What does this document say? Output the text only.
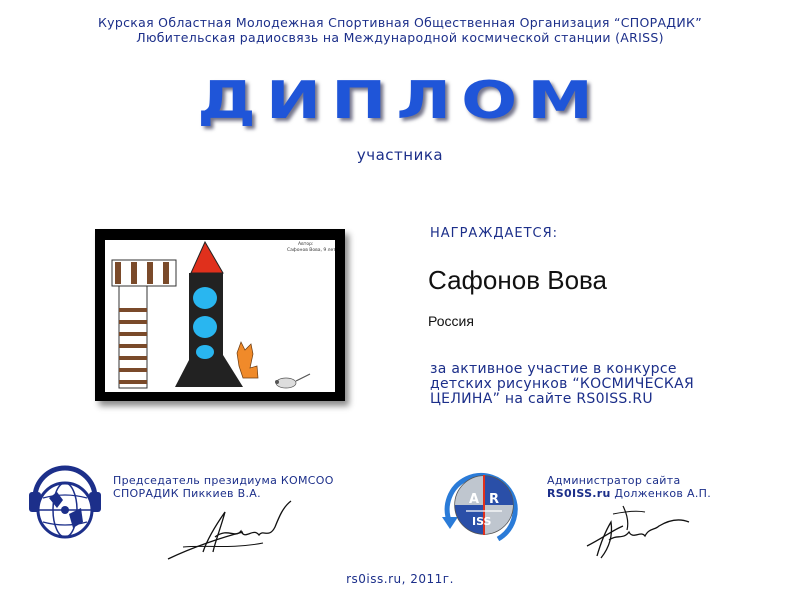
Курская Областная Молодежная Спортивная Общественная Организация “СПОРАДИК”
Любительская радиосвязь на Международной космической станции (ARISS)
ДИПЛОМ
участника
Автор:
Сафонов Вова, 9 лет
НАГРАЖДАЕТСЯ:
Сафонов Вова
Россия
за активное участие в конкурсе
детских рисунков “КОСМИЧЕСКАЯ
ЦЕЛИНА” на сайте RS0ISS.RU
Председатель президиума КОМСОО
СПОРАДИК Пиккиев В.А.	A R
ISS
Администратор сайта
RS0ISS.ru Долженков А.П.
rs0iss.ru, 2011г.
